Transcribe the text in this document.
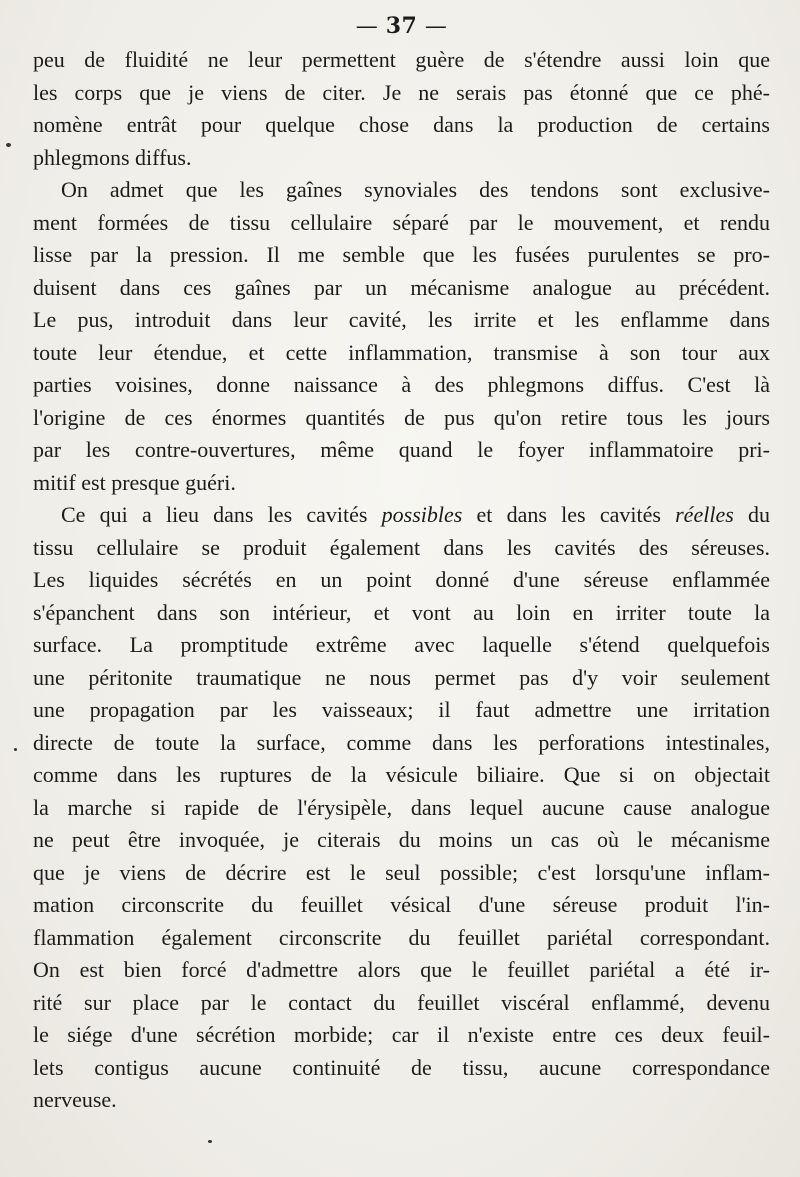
— 37 —

peu de fluidité ne leur permettent guère de s'étendre aussi loin que
les corps que je viens de citer. Je ne serais pas étonné que ce phé-
nomène entrât pour quelque chose dans la production de certains
phlegmons diffus.

On admet que les gaînes synoviales des tendons sont exclusive-
ment formées de tissu cellulaire séparé par le mouvement, et rendu
lisse par la pression. Il me semble que les fusées purulentes se pro-
duisent dans ces gaînes par un mécanisme analogue au précédent.
Le pus, introduit dans leur cavité, les irrite et les enflamme dans
toute leur étendue, et cette inflammation, transmise à son tour aux
parties voisines, donne naissance à des phlegmons diffus. C'est là
l'origine de ces énormes quantités de pus qu'on retire tous les jours
par les contre-ouvertures, même quand le foyer inflammatoire pri-
mitif est presque guéri.

Ce qui a lieu dans les cavités possibles et dans les cavités réelles du
tissu cellulaire se produit également dans les cavités des séreuses.
Les liquides sécrétés en un point donné d'une séreuse enflammée
s'épanchent dans son intérieur, et vont au loin en irriter toute la
surface. La promptitude extrême avec laquelle s'étend quelquefois
une péritonite traumatique ne nous permet pas d'y voir seulement
une propagation par les vaisseaux; il faut admettre une irritation
directe de toute la surface, comme dans les perforations intestinales,
comme dans les ruptures de la vésicule biliaire. Que si on objectait
la marche si rapide de l'érysipèle, dans lequel aucune cause analogue
ne peut être invoquée, je citerais du moins un cas où le mécanisme
que je viens de décrire est le seul possible; c'est lorsqu'une inflam-
mation circonscrite du feuillet vésical d'une séreuse produit l'in-
flammation également circonscrite du feuillet pariétal correspondant.
On est bien forcé d'admettre alors que le feuillet pariétal a été ir-
rité sur place par le contact du feuillet viscéral enflammé, devenu
le siége d'une sécrétion morbide; car il n'existe entre ces deux feuil-
lets contigus aucune continuité de tissu, aucune correspondance
nerveuse.
